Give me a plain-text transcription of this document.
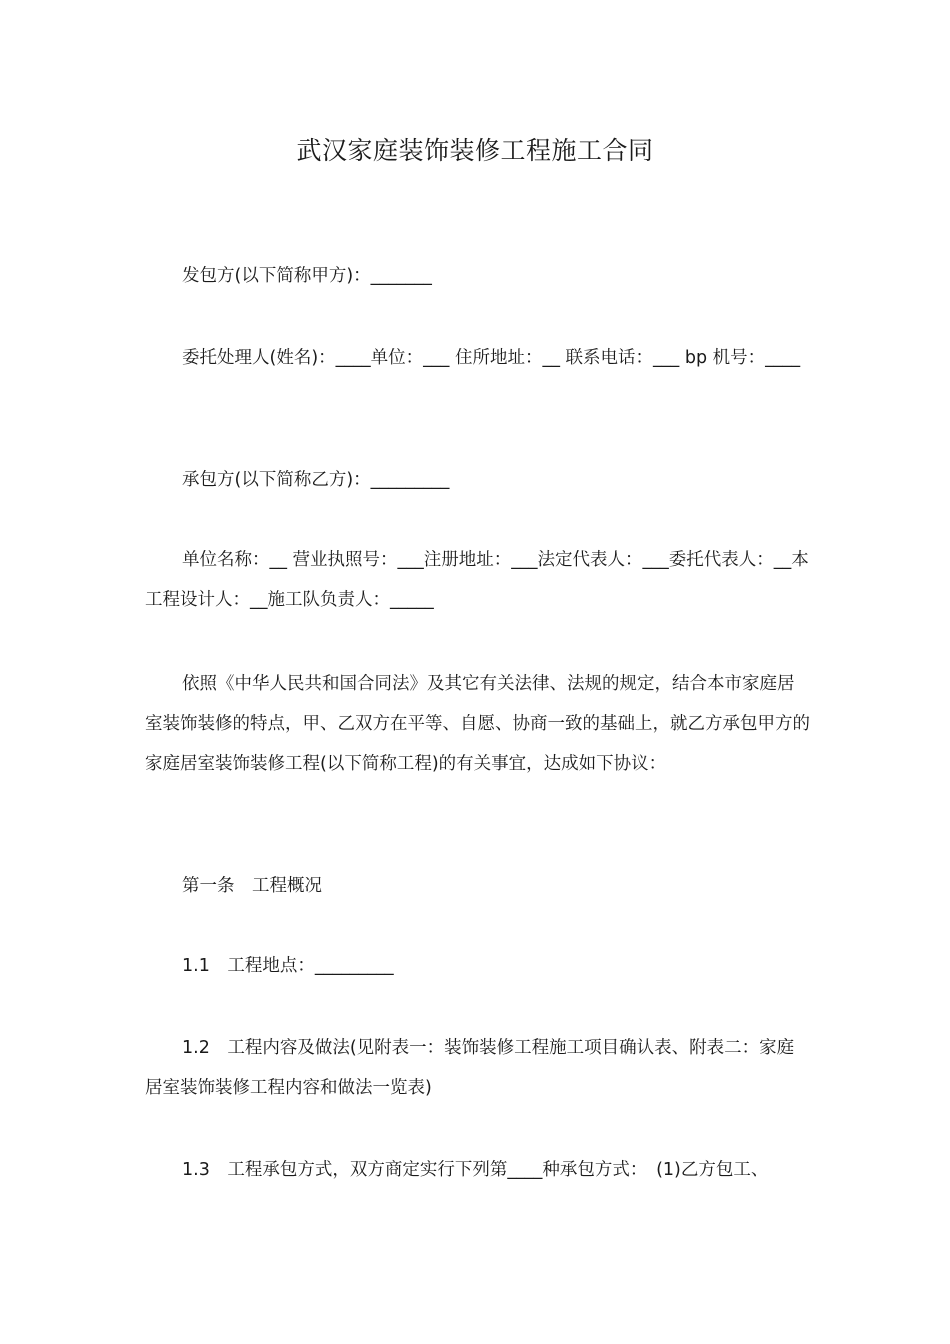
武汉家庭装饰装修工程施工合同
发包方(以下简称甲方)：_______
委托处理人(姓名)：____单位：___ 住所地址：__ 联系电话：___ bp 机号：____
承包方(以下简称乙方)：_________
单位名称：__ 营业执照号：___注册地址：___法定代表人：___委托代表人：__本工程设计人：__施工队负责人：_____
依照《中华人民共和国合同法》及其它有关法律、法规的规定，结合本市家庭居室装饰装修的特点，甲、乙双方在平等、自愿、协商一致的基础上，就乙方承包甲方的家庭居室装饰装修工程(以下简称工程)的有关事宜，达成如下协议：
第一条　工程概况
1.1　工程地点：_________
1.2　工程内容及做法(见附表一：装饰装修工程施工项目确认表、附表二：家庭居室装饰装修工程内容和做法一览表)
1.3　工程承包方式，双方商定实行下列第____种承包方式：　(1)乙方包工、
